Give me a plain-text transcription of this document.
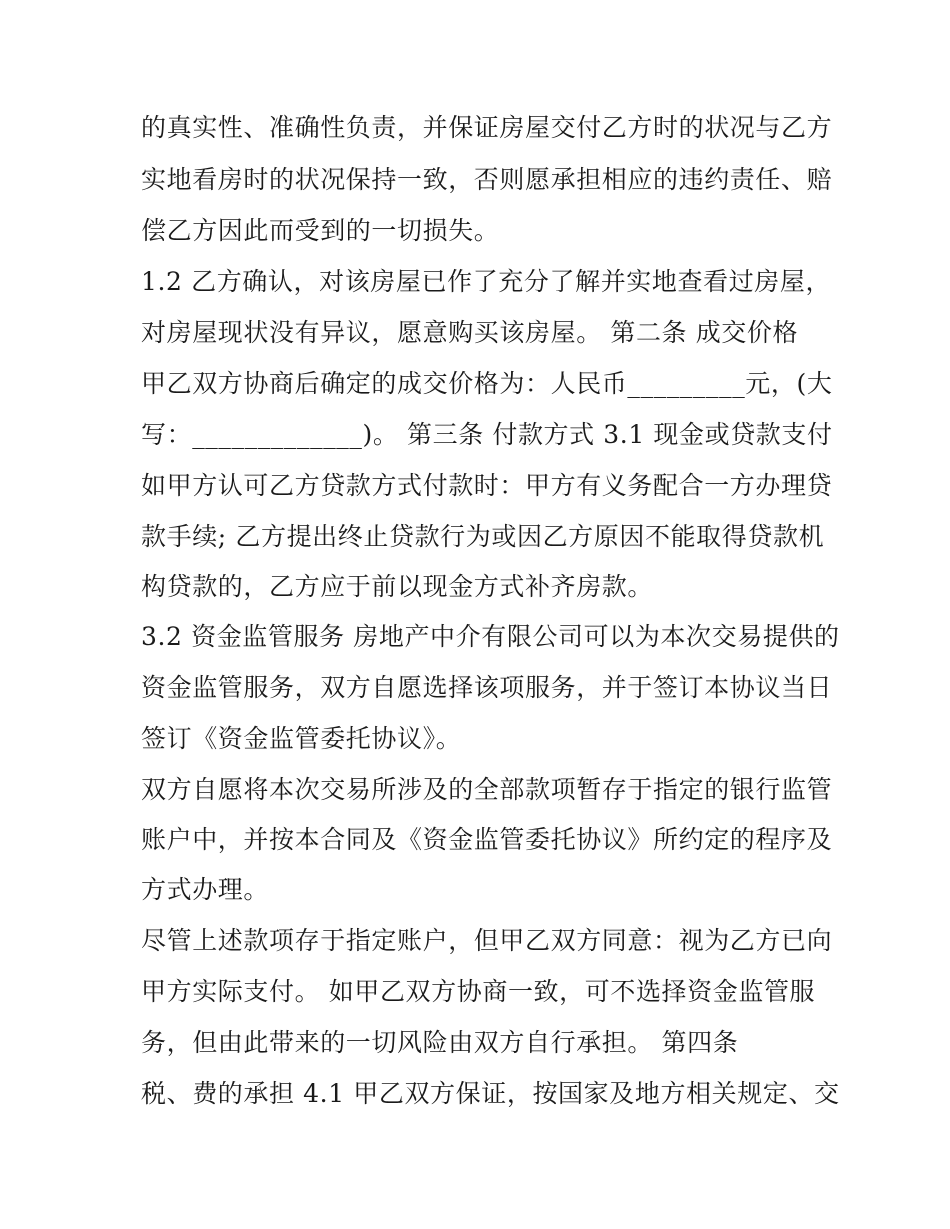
的真实性、准确性负责，并保证房屋交付乙方时的状况与乙方
实地看房时的状况保持一致，否则愿承担相应的违约责任、赔
偿乙方因此而受到的一切损失。
1.2 乙方确认，对该房屋已作了充分了解并实地查看过房屋，
对房屋现状没有异议，愿意购买该房屋。 第二条 成交价格
甲乙双方协商后确定的成交价格为：人民币_________元，(大
写：_____________)。 第三条 付款方式 3.1 现金或贷款支付
如甲方认可乙方贷款方式付款时：甲方有义务配合一方办理贷
款手续; 乙方提出终止贷款行为或因乙方原因不能取得贷款机
构贷款的，乙方应于前以现金方式补齐房款。
3.2 资金监管服务 房地产中介有限公司可以为本次交易提供的
资金监管服务，双方自愿选择该项服务，并于签订本协议当日
签订《资金监管委托协议》。
双方自愿将本次交易所涉及的全部款项暂存于指定的银行监管
账户中，并按本合同及《资金监管委托协议》所约定的程序及
方式办理。
尽管上述款项存于指定账户，但甲乙双方同意：视为乙方已向
甲方实际支付。 如甲乙双方协商一致，可不选择资金监管服
务，但由此带来的一切风险由双方自行承担。 第四条
税、费的承担 4.1 甲乙双方保证，按国家及地方相关规定、交
